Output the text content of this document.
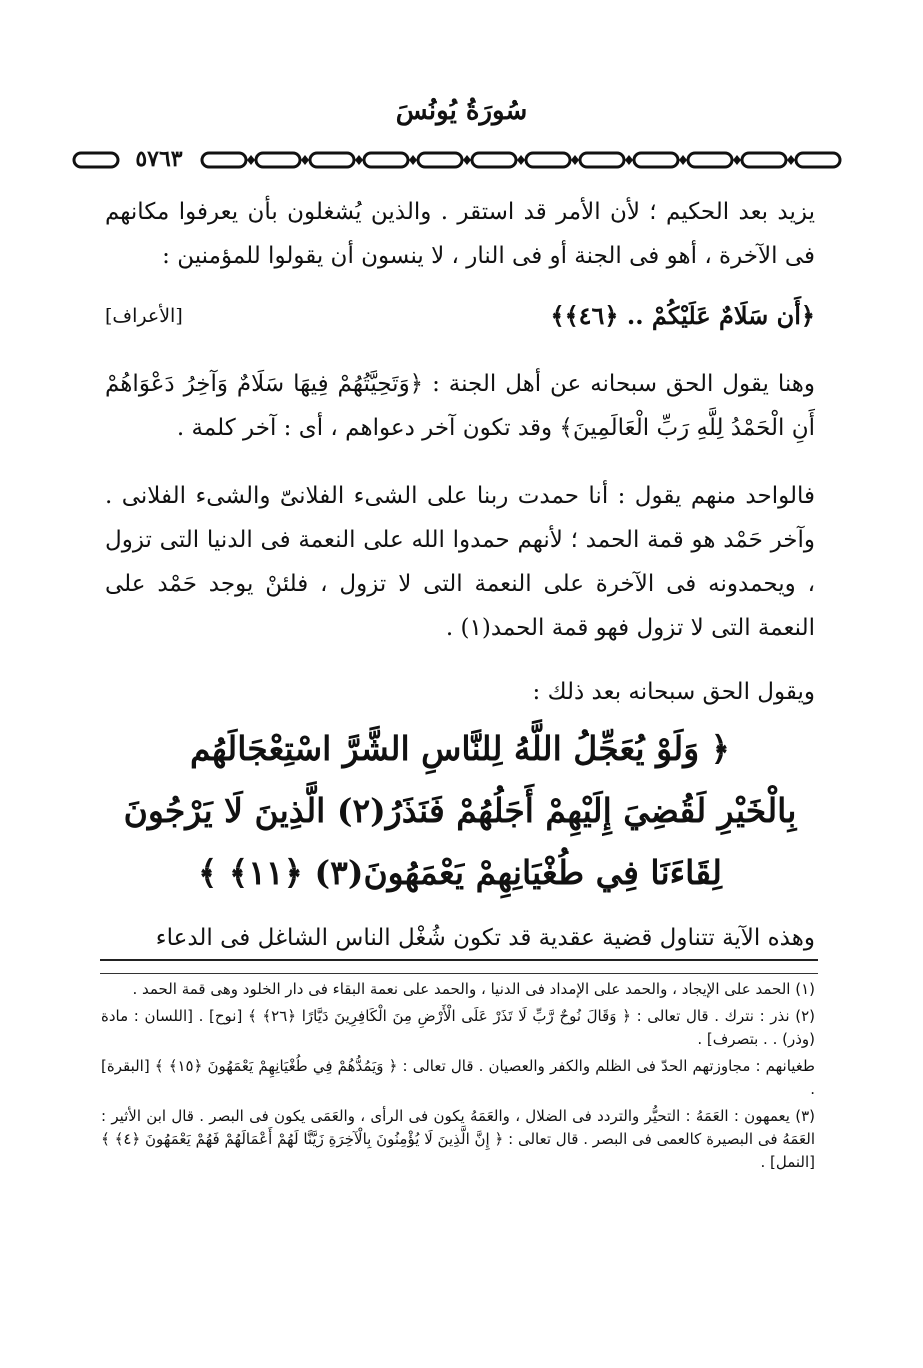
سُورَةُ يُونُسَ
٥٧٦٣
يزيد بعد الحكيم ؛ لأن الأمر قد استقر . والذين يُشغلون بأن يعرفوا مكانهم فى الآخرة ، أهو فى الجنة أو فى النار ، لا ينسون أن يقولوا للمؤمنين :
﴿أَن سَلَامٌ عَلَيْكُمْ .. ﴿٤٦﴾﴾
[الأعراف]
وهنا يقول الحق سبحانه عن أهل الجنة : ﴿وَتَحِيَّتُهُمْ فِيهَا سَلَامٌ وَآخِرُ دَعْوَاهُمْ أَنِ الْحَمْدُ لِلَّهِ رَبِّ الْعَالَمِينَ﴾ وقد تكون آخر دعواهم ، أى : آخر كلمة .
فالواحد منهم يقول : أنا حمدت ربنا على الشىء الفلانىّ والشىء الفلانى . وآخر حَمْد هو قمة الحمد ؛ لأنهم حمدوا الله على النعمة فى الدنيا التى تزول ، ويحمدونه فى الآخرة على النعمة التى لا تزول ، فلئنْ يوجد حَمْد على النعمة التى لا تزول فهو قمة الحمد(١) .
ويقول الحق سبحانه بعد ذلك :
﴿ وَلَوْ يُعَجِّلُ اللَّهُ لِلنَّاسِ الشَّرَّ اسْتِعْجَالَهُم
بِالْخَيْرِ لَقُضِيَ إِلَيْهِمْ أَجَلُهُمْ فَنَذَرُ(٢) الَّذِينَ لَا يَرْجُونَ
لِقَاءَنَا فِي طُغْيَانِهِمْ يَعْمَهُونَ(٣) ﴿١١﴾ ﴾
وهذه الآية تتناول قضية عقدية قد تكون شُغْل الناس الشاغل فى الدعاء
(١) الحمد على الإيجاد ، والحمد على الإمداد فى الدنيا ، والحمد على نعمة البقاء فى دار الخلود وهى قمة الحمد .
(٢) نذر : نترك . قال تعالى : ﴿ وَقَالَ نُوحٌ رَّبِّ لَا تَذَرْ عَلَى الْأَرْضِ مِنَ الْكَافِرِينَ دَيَّارًا ﴿٢٦﴾ ﴾ [نوح] . [اللسان : مادة (وذر) . . بتصرف] .
طغيانهم : مجاوزتهم الحدّ فى الظلم والكفر والعصيان . قال تعالى : ﴿ وَيَمُدُّهُمْ فِي طُغْيَانِهِمْ يَعْمَهُونَ ﴿١٥﴾ ﴾ [البقرة] .
(٣) يعمهون : العَمَهُ : التحيُّر والتردد فى الضلال ، والعَمَهُ يكون فى الرأى ، والعَمَى يكون فى البصر . قال ابن الأثير : العَمَهُ فى البصيرة كالعمى فى البصر . قال تعالى : ﴿ إِنَّ الَّذِينَ لَا يُؤْمِنُونَ بِالْآخِرَةِ زَيَّنَّا لَهُمْ أَعْمَالَهُمْ فَهُمْ يَعْمَهُونَ ﴿٤﴾ ﴾ [النمل] .
